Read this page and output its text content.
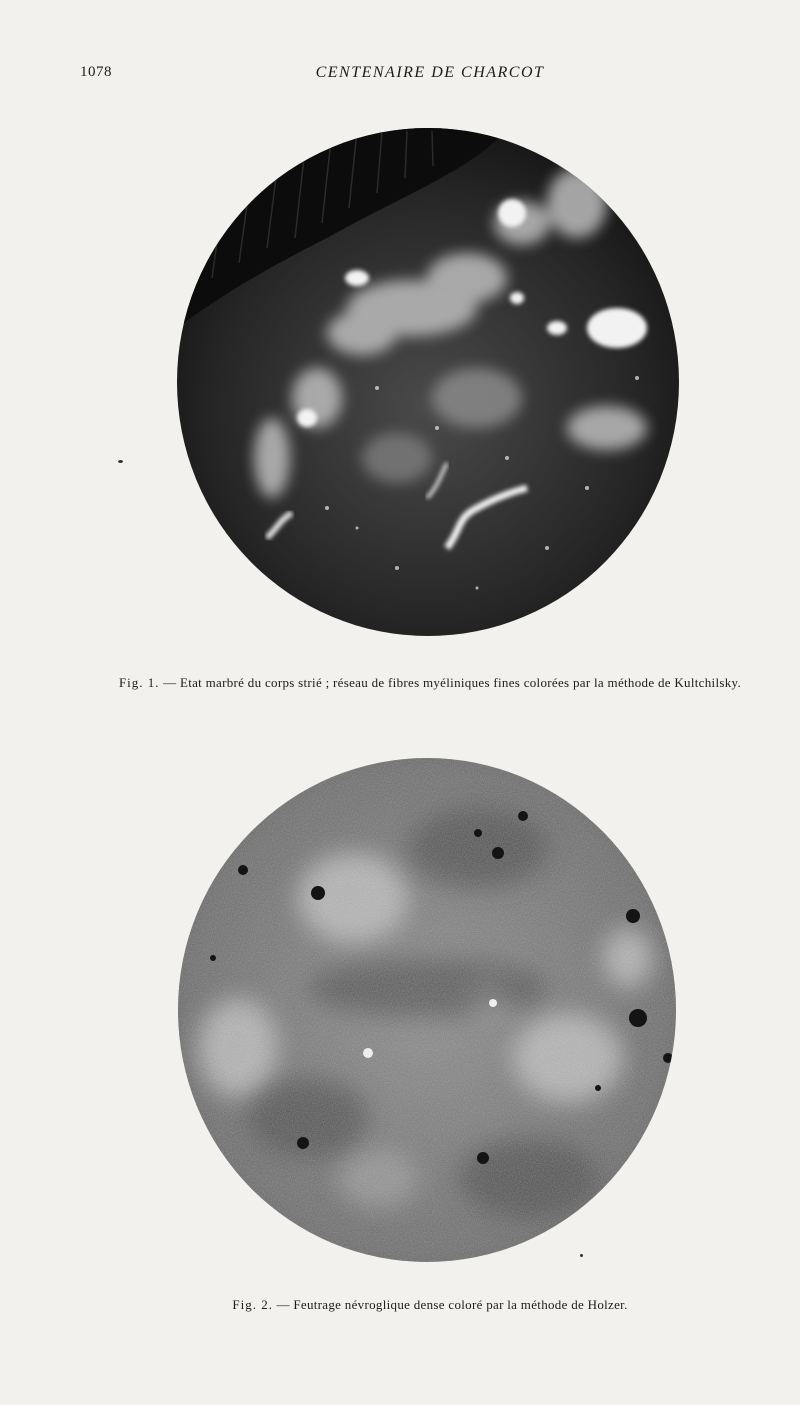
1078	CENTENAIRE DE CHARCOT
Fig. 1. — Etat marbré du corps strié ; réseau de fibres myéliniques fines colorées par la méthode de Kultchilsky.
Fig. 2. — Feutrage névroglique dense coloré par la méthode de Holzer.
